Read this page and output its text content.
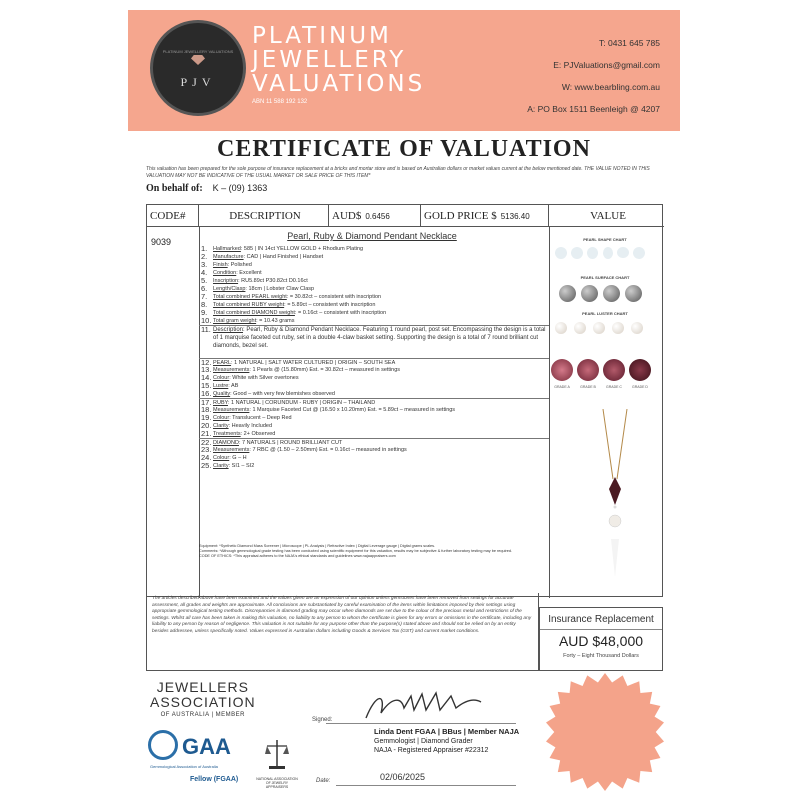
PLATINUM JEWELLERY VALUATIONS
PJV
PLATINUM
JEWELLERY
VALUATIONS
ABN 11 588 192 132
T: 0431 645 785
E: PJValuations@gmail.com
W: www.bearbling.com.au
A: PO Box 1511 Beenleigh @ 4207
CERTIFICATE OF VALUATION
This valuation has been prepared for the sole purpose of insurance replacement at a bricks and mortar store and is based on Australian dollars or market values current at the below mentioned date. THE VALUE NOTED IN THIS VALUATION MAY NOT BE INDICATIVE OF THE USUAL MARKET OR SALE PRICE OF THIS ITEM*
On behalf of: K – (09) 1363
CODE#	DESCRIPTION	AUD$ 0.6456	GOLD PRICE $ 5136.40	VALUE
9039
Pearl, Ruby & Diamond Pendant Necklace
1. Hallmarked: 585 | IN 14ct YELLOW GOLD + Rhodium Plating
2. Manufacture: CAD | Hand Finished | Handset
3. Finish: Polished
4. Condition: Excellent
5. Inscription: RU5.89ct P30.82ct D0.16ct
6. Length/Clasp: 18cm | Lobster Claw Clasp
7. Total combined PEARL weight: = 30.82ct – consistent with inscription
8. Total combined RUBY weight: = 5.89ct – consistent with inscription
9. Total combined DIAMOND weight: = 0.16ct – consistent with inscription
10. Total gram weight: = 10.43 grams
11. Description: Pearl, Ruby & Diamond Pendant Necklace. Featuring 1 round pearl, post set. Encompassing the design is a total of 1 marquise faceted cut ruby, set in a double 4-claw basket setting. Supporting the design is a total of 7 round brilliant cut diamonds, bezel set.
12. PEARL: 1 NATURAL | SALT WATER CULTURED | ORIGIN – SOUTH SEA
13. Measurements: 1 Pearls @ (15.80mm) Est. = 30.82ct – measured in settings
14. Colour: White with Silver overtones
15. Lustre: AB
16. Quality: Good – with very few blemishes observed
17. RUBY: 1 NATURAL | CORUNDUM - RUBY | ORIGIN – THAILAND
18. Measurements: 1 Marquise Faceted Cut @ (16.50 x 10.20mm) Est. = 5.89ct – measured in settings
19. Colour: Translucent – Deep Red
20. Clarity: Heavily Included
21. Treatments: 2+ Observed
22. DIAMOND: 7 NATURALS | ROUND BRILLIANT CUT
23. Measurements: 7 RBC @ (1.50 – 2.50mm) Est. = 0.16ct – measured in settings
24. Colour: G – H
25. Clarity: SI1 – SI2
Equipment: *Synthetic Diamond Mass Screener | Microscope | PL Analysis | Refractive Index | Digital Leverage gauge | Digital grams scales.
Comments: *Although gemmological grade testing has been conducted using scientific equipment for this valuation, results may be subjective & further laboratory testing may be required.
CODE OF ETHICS: *This appraisal adheres to the NAJA's ethical standards and guidelines www.najaappraisers.com
PEARL SHAPE CHART
PEARL SURFACE CHART
PEARL LUSTER CHART
GRADE A	GRADE B	GRADE C	GRADE D
The articles described above have been examined and the values given are an expression of our opinion unless gemstones have been removed from settings for accurate assessment, all grades and weights are approximate. All conclusions are substantiated by careful examination of the items within limitations imposed by their settings using appropriate gemmological testing methods. Discrepancies in diamond grading may occur when diamonds are set due to the colour of the precious metal and restrictions of the settings. Whilst all care has been taken in making this valuation, no liability to any person to whom the certificate is given for any errors or omissions in the certificate, including any liability to any person by reason of negligence. This valuation is not suitable for any purpose other than the purpose(s) stated above and should not be relied on by an entity besides addressee, unless specifically noted. Values expressed in Australian dollars including Goods & Services Tax (GST) and current market conditions.
Insurance Replacement
AUD $48,000
Forty – Eight Thousand Dollars
JEWELLERS
ASSOCIATION
OF AUSTRALIA | MEMBER
GAA
Gemmological Association of Australia
Fellow (FGAA)	NATIONAL ASSOCIATION OF JEWELRY APPRAISERS
Signed:
Linda Dent FGAA | BBus | Member NAJA
Gemmologist | Diamond Grader
NAJA - Registered Appraiser #22312
Date:	02/06/2025
